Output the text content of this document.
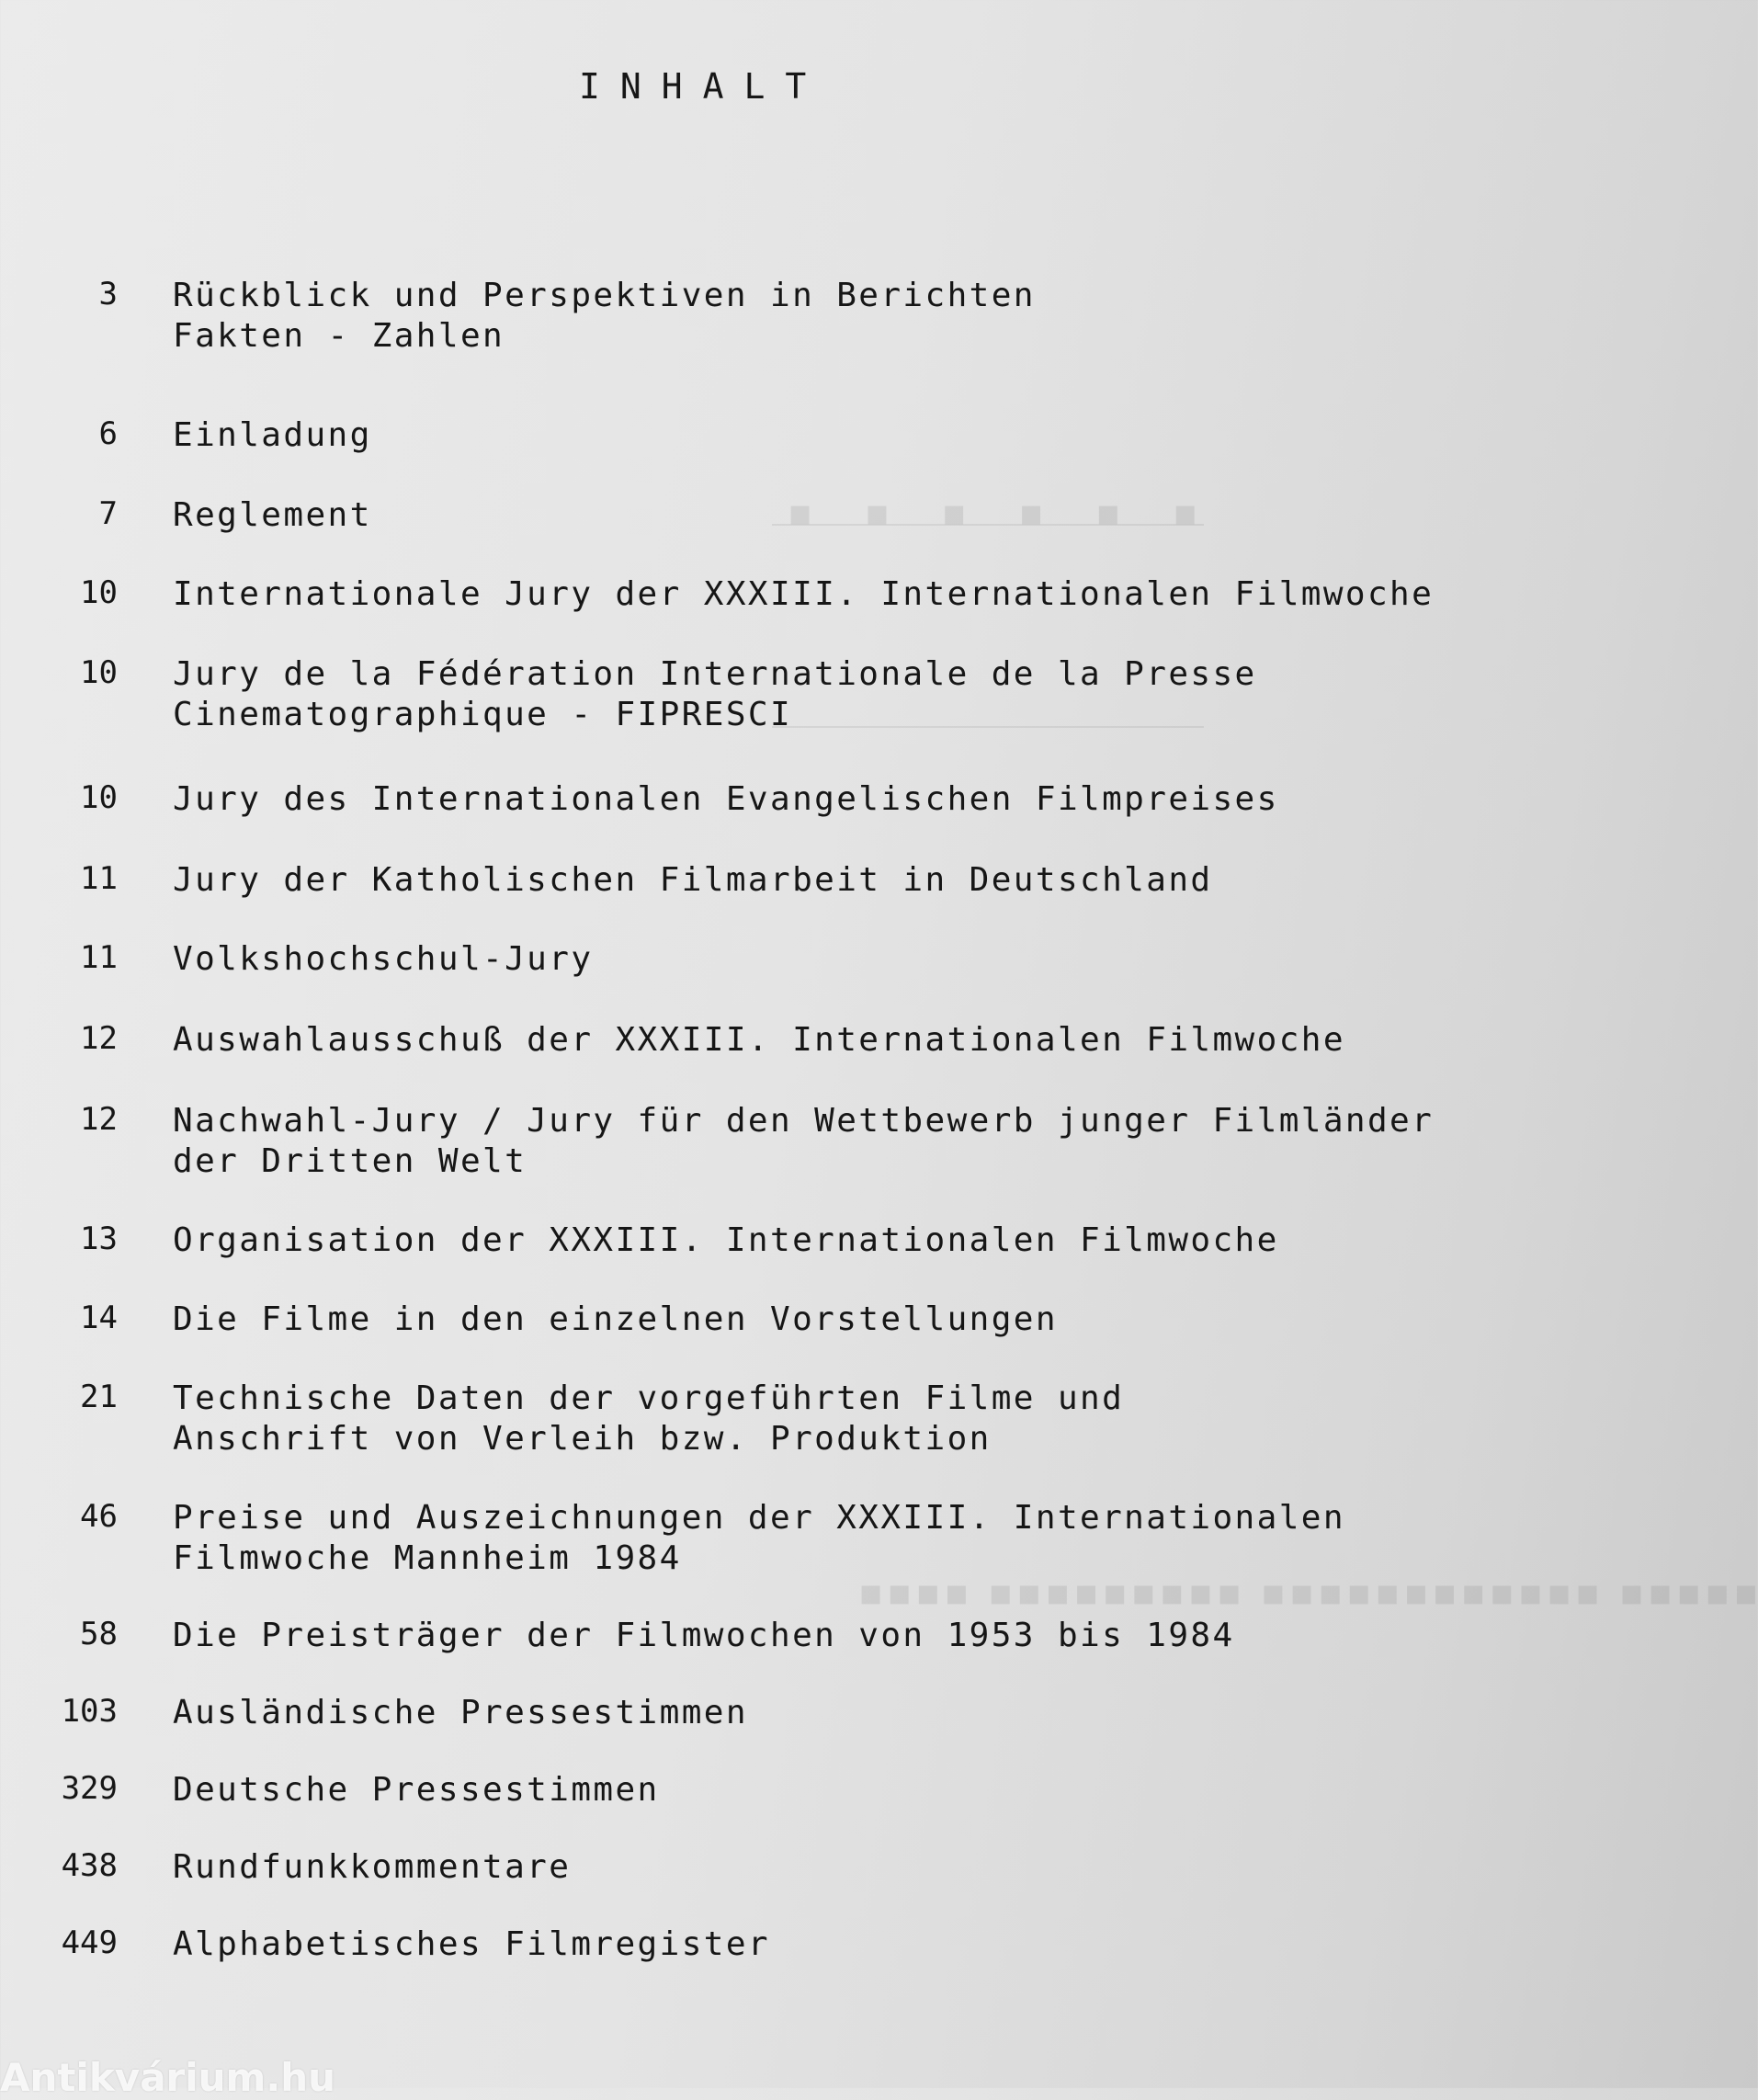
▪ ▪ ▪ ▪ ▪ ▪
INHALT
3 Rückblick und Perspektiven in Berichten
Fakten - Zahlen
6 Einladung
7 Reglement
10 Internationale Jury der XXXIII. Internationalen Filmwoche
10 Jury de la Fédération Internationale de la Presse
Cinematographique - FIPRESCI
10 Jury des Internationalen Evangelischen Filmpreises
11 Jury der Katholischen Filmarbeit in Deutschland
11 Volkshochschul-Jury
12 Auswahlausschuß der XXXIII. Internationalen Filmwoche
12 Nachwahl-Jury / Jury für den Wettbewerb junger Filmländer
der Dritten Welt
13 Organisation der XXXIII. Internationalen Filmwoche
14 Die Filme in den einzelnen Vorstellungen
21 Technische Daten der vorgeführten Filme und
Anschrift von Verleih bzw. Produktion
46 Preise und Auszeichnungen der XXXIII. Internationalen
Filmwoche Mannheim 1984
▪▪▪▪▪ ▪▪▪▪▪▪▪▪▪▪▪▪ ▪▪▪▪▪▪▪▪▪ ▪▪▪▪
58 Die Preisträger der Filmwochen von 1953 bis 1984
103 Ausländische Pressestimmen
329 Deutsche Pressestimmen
438 Rundfunkkommentare
449 Alphabetisches Filmregister
Antikvárium.hu
